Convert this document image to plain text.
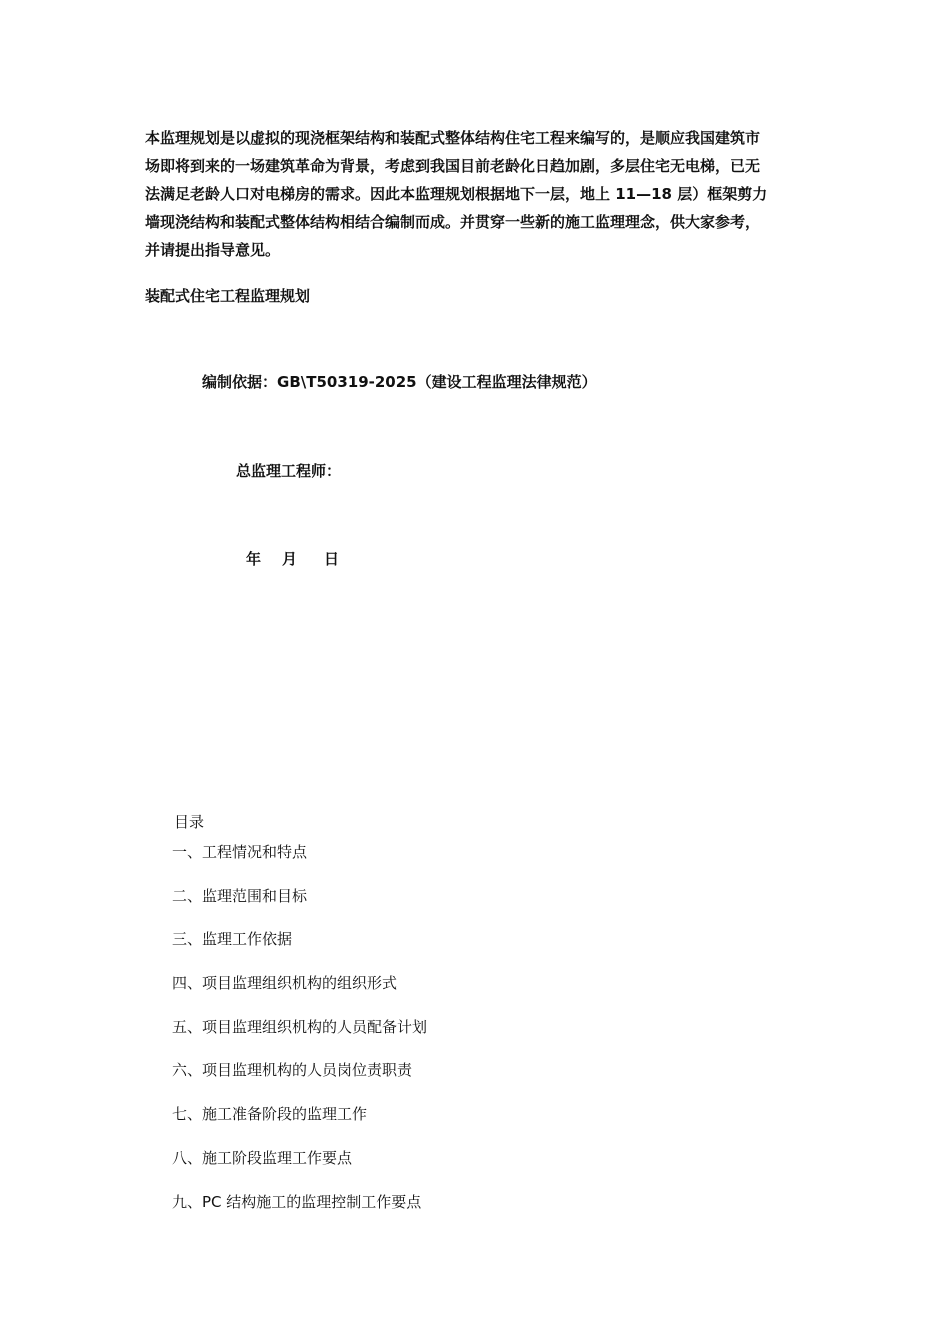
本监理规划是以虚拟的现浇框架结构和装配式整体结构住宅工程来编写的，是顺应我国建筑市
场即将到来的一场建筑革命为背景，考虑到我国目前老龄化日趋加剧，多层住宅无电梯，已无
法满足老龄人口对电梯房的需求。因此本监理规划根据地下一层，地上 11—18 层）框架剪力
墙现浇结构和装配式整体结构相结合编制而成。并贯穿一些新的施工监理理念，供大家参考，
并请提出指导意见。

装配式住宅工程监理规划

编制依据：GB\T50319-2025（建设工程监理法律规范）

总监理工程师：

年	月	日

目录

一、工程情况和特点
二、监理范围和目标
三、监理工作依据
四、项目监理组织机构的组织形式
五、项目监理组织机构的人员配备计划
六、项目监理机构的人员岗位责职责
七、施工准备阶段的监理工作
八、施工阶段监理工作要点
九、PC 结构施工的监理控制工作要点
